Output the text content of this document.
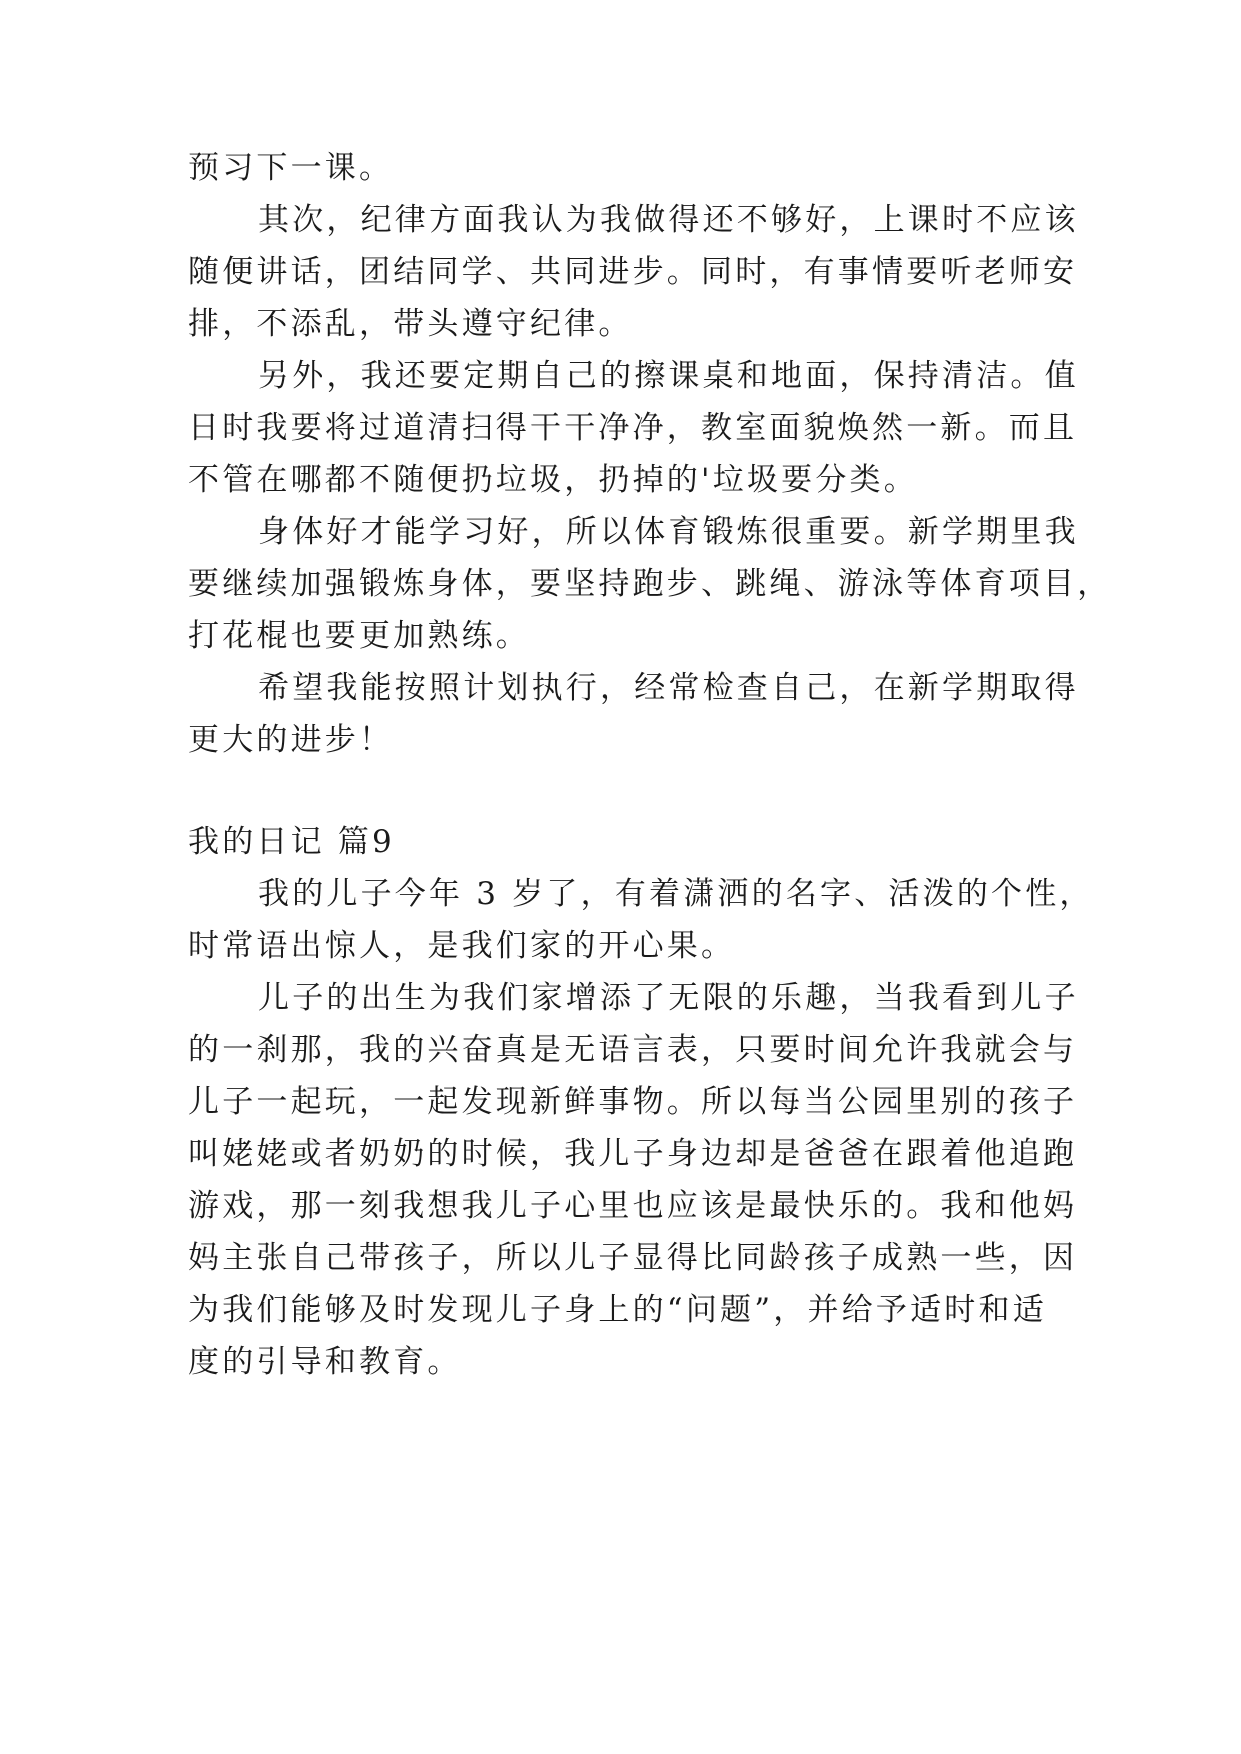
预习下一课。
其次，纪律方面我认为我做得还不够好，上课时不应该
随便讲话，团结同学、共同进步。同时，有事情要听老师安
排，不添乱，带头遵守纪律。
另外，我还要定期自己的擦课桌和地面，保持清洁。值
日时我要将过道清扫得干干净净，教室面貌焕然一新。而且
不管在哪都不随便扔垃圾，扔掉的'垃圾要分类。
身体好才能学习好，所以体育锻炼很重要。新学期里我
要继续加强锻炼身体，要坚持跑步、跳绳、游泳等体育项目，
打花棍也要更加熟练。
希望我能按照计划执行，经常检查自己，在新学期取得
更大的进步！
我的日记 篇9
我的儿子今年 3 岁了，有着潇洒的名字、活泼的个性，
时常语出惊人，是我们家的开心果。
儿子的出生为我们家增添了无限的乐趣，当我看到儿子
的一刹那，我的兴奋真是无语言表，只要时间允许我就会与
儿子一起玩，一起发现新鲜事物。所以每当公园里别的孩子
叫姥姥或者奶奶的时候，我儿子身边却是爸爸在跟着他追跑
游戏，那一刻我想我儿子心里也应该是最快乐的。我和他妈
妈主张自己带孩子，所以儿子显得比同龄孩子成熟一些，因
为我们能够及时发现儿子身上的“问题”，并给予适时和适
度的引导和教育。
